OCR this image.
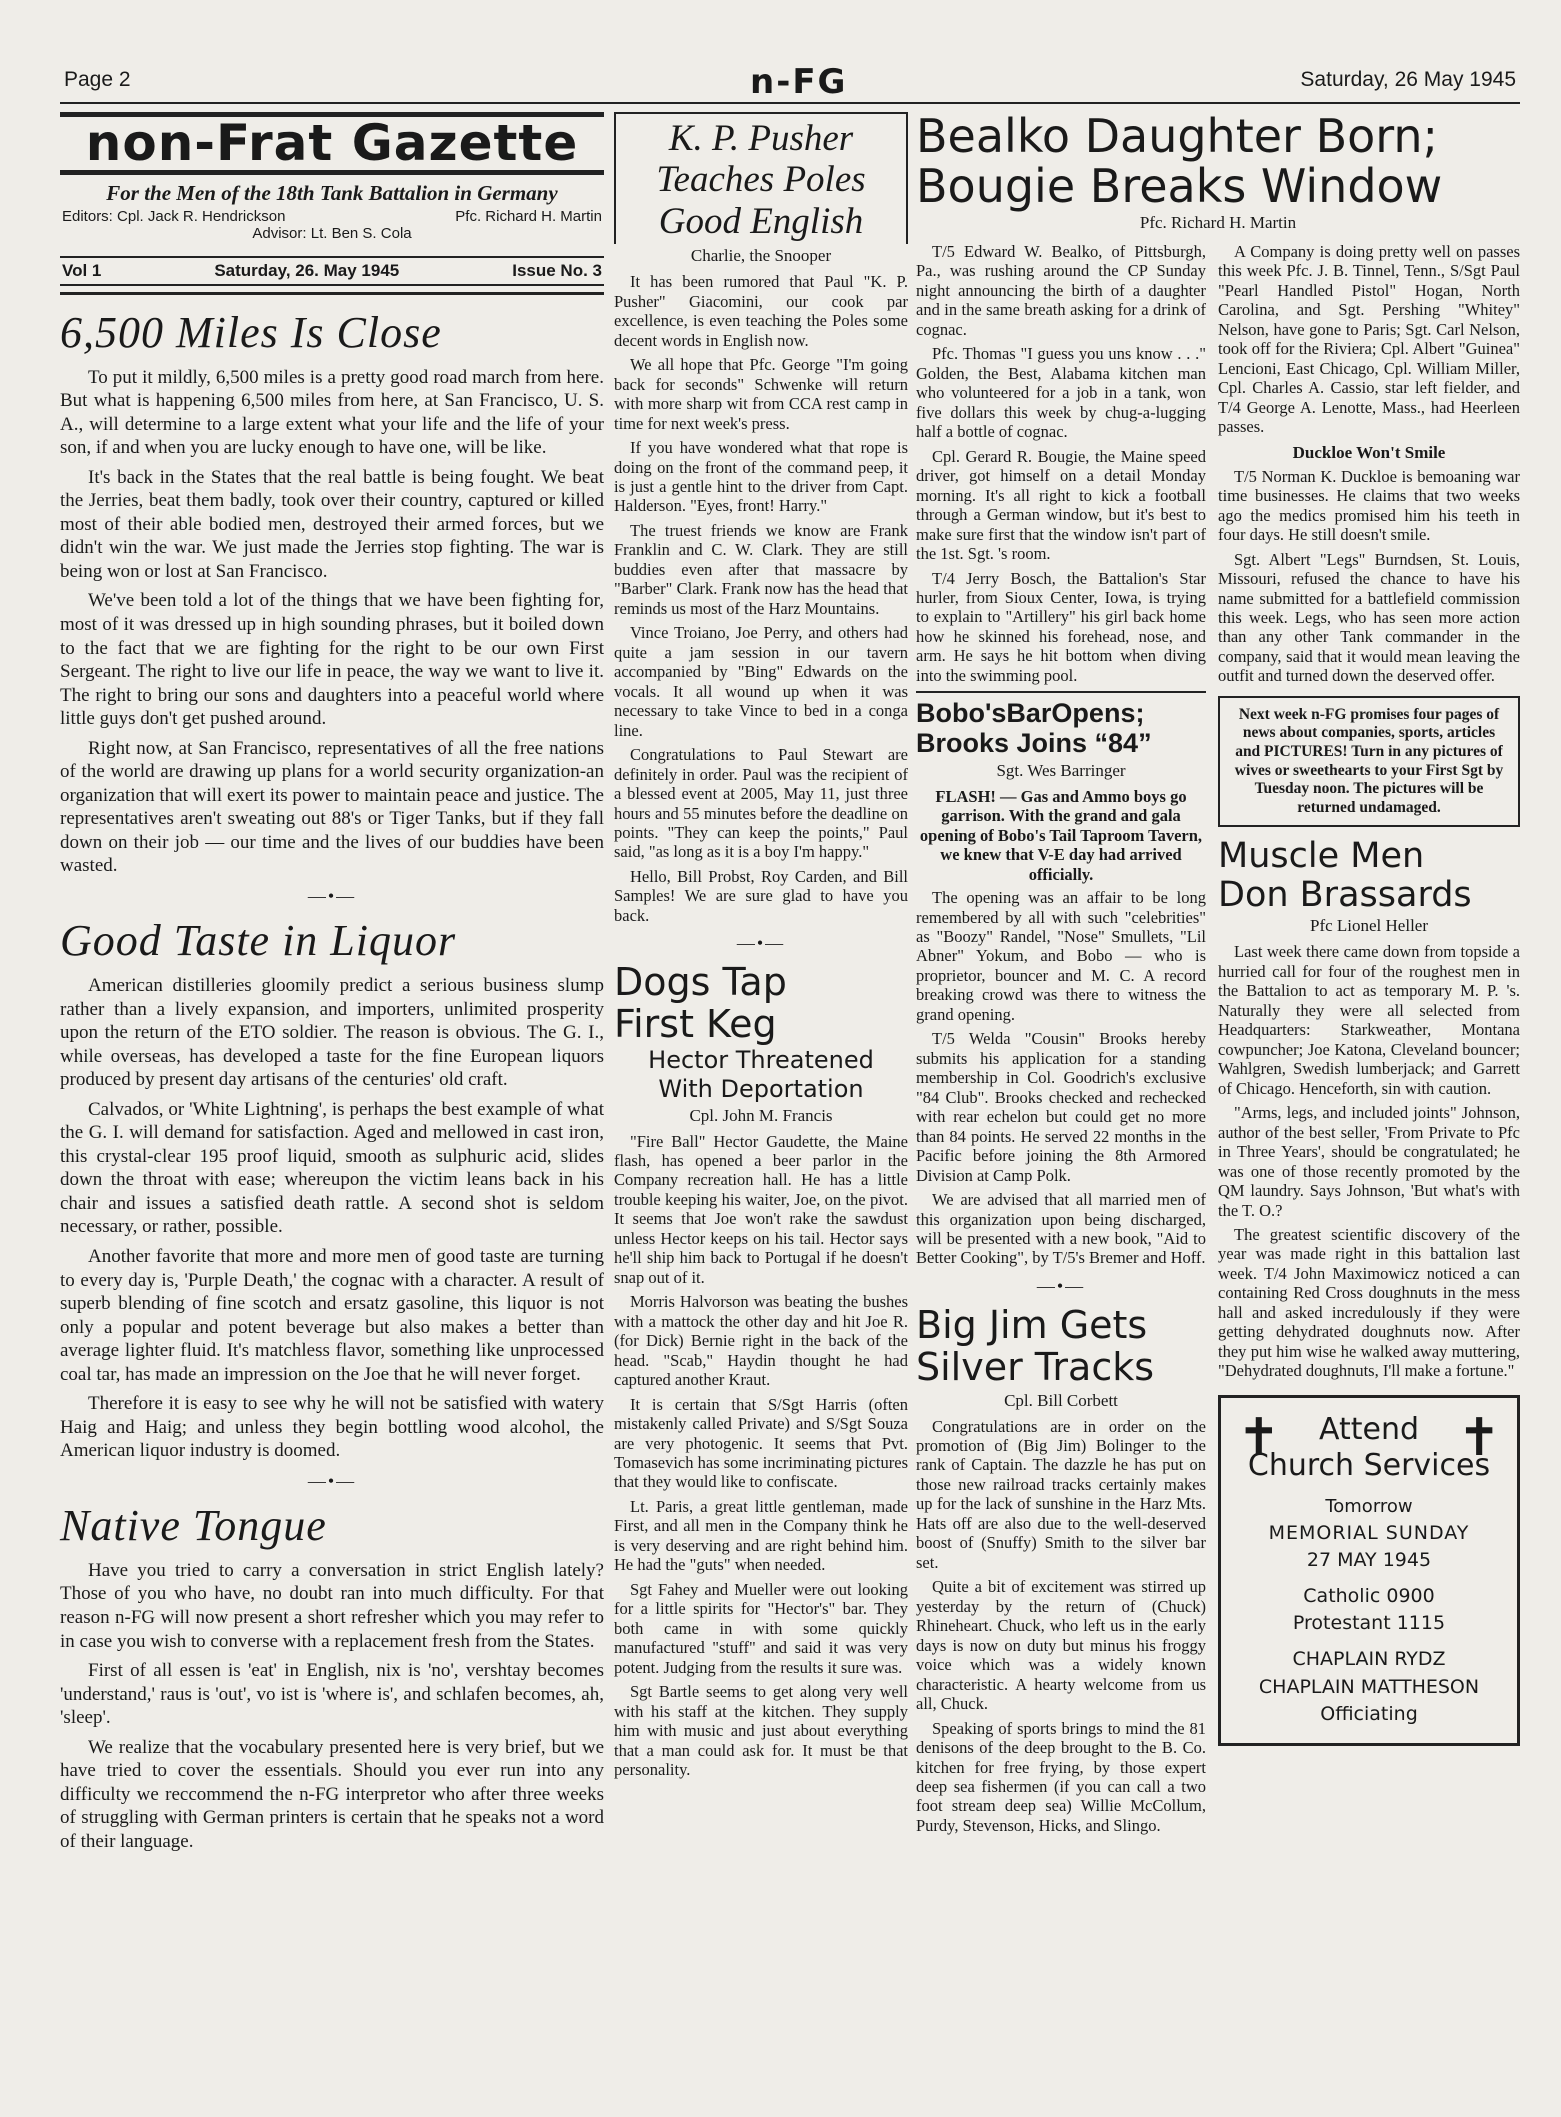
Page 2	n-FG	Saturday, 26 May 1945
non-Frat Gazette
For the Men of the 18th Tank Battalion in Germany
Editors: Cpl. Jack R. Hendrickson	Pfc. Richard H. Martin
Advisor: Lt. Ben S. Cola
Vol 1	Saturday, 26. May 1945	Issue No. 3
6,500 Miles Is Close

To put it mildly, 6,500 miles is a pretty good road march from here. But what is happening 6,500 miles from here, at San Francisco, U. S. A., will determine to a large extent what your life and the life of your son, if and when you are lucky enough to have one, will be like.

It's back in the States that the real battle is being fought. We beat the Jerries, beat them badly, took over their country, captured or killed most of their able bodied men, destroyed their armed forces, but we didn't win the war. We just made the Jerries stop fighting. The war is being won or lost at San Francisco.

We've been told a lot of the things that we have been fighting for, most of it was dressed up in high sounding phrases, but it boiled down to the fact that we are fighting for the right to be our own First Sergeant. The right to live our life in peace, the way we want to live it. The right to bring our sons and daughters into a peaceful world where little guys don't get pushed around.

Right now, at San Francisco, representatives of all the free nations of the world are drawing up plans for a world security organization-an organization that will exert its power to maintain peace and justice. The representatives aren't sweating out 88's or Tiger Tanks, but if they fall down on their job — our time and the lives of our buddies have been wasted.

—•—
Good Taste in Liquor

American distilleries gloomily predict a serious business slump rather than a lively expansion, and importers, unlimited prosperity upon the return of the ETO soldier. The reason is obvious. The G. I., while overseas, has developed a taste for the fine European liquors produced by present day artisans of the centuries' old craft.

Calvados, or 'White Lightning', is perhaps the best example of what the G. I. will demand for satisfaction. Aged and mellowed in cast iron, this crystal-clear 195 proof liquid, smooth as sulphuric acid, slides down the throat with ease; whereupon the victim leans back in his chair and issues a satisfied death rattle. A second shot is seldom necessary, or rather, possible.

Another favorite that more and more men of good taste are turning to every day is, 'Purple Death,' the cognac with a character. A result of superb blending of fine scotch and ersatz gasoline, this liquor is not only a popular and potent beverage but also makes a better than average lighter fluid. It's matchless flavor, something like unprocessed coal tar, has made an impression on the Joe that he will never forget.

Therefore it is easy to see why he will not be satisfied with watery Haig and Haig; and unless they begin bottling wood alcohol, the American liquor industry is doomed.

—•—
Native Tongue

Have you tried to carry a conversation in strict English lately? Those of you who have, no doubt ran into much difficulty. For that reason n-FG will now present a short refresher which you may refer to in case you wish to converse with a replacement fresh from the States.

First of all essen is 'eat' in English, nix is 'no', vershtay becomes 'understand,' raus is 'out', vo ist is 'where is', and schlafen becomes, ah, 'sleep'.

We realize that the vocabulary presented here is very brief, but we have tried to cover the essentials. Should you ever run into any difficulty we reccommend the n-FG interpretor who after three weeks of struggling with German printers is certain that he speaks not a word of their language.

K. P. Pusher
Teaches Poles
Good English
Charlie, the Snooper

It has been rumored that Paul "K. P. Pusher" Giacomini, our cook par excellence, is even teaching the Poles some decent words in English now.

We all hope that Pfc. George "I'm going back for seconds" Schwenke will return with more sharp wit from CCA rest camp in time for next week's press.

If you have wondered what that rope is doing on the front of the command peep, it is just a gentle hint to the driver from Capt. Halderson. "Eyes, front! Harry."

The truest friends we know are Frank Franklin and C. W. Clark. They are still buddies even after that massacre by "Barber" Clark. Frank now has the head that reminds us most of the Harz Mountains.

Vince Troiano, Joe Perry, and others had quite a jam session in our tavern accompanied by "Bing" Edwards on the vocals. It all wound up when it was necessary to take Vince to bed in a conga line.

Congratulations to Paul Stewart are definitely in order. Paul was the recipient of a blessed event at 2005, May 11, just three hours and 55 minutes before the deadline on points. "They can keep the points," Paul said, "as long as it is a boy I'm happy."

Hello, Bill Probst, Roy Carden, and Bill Samples! We are sure glad to have you back.

—•—
Dogs Tap
First Keg
Hector Threatened
With Deportation
Cpl. John M. Francis

"Fire Ball" Hector Gaudette, the Maine flash, has opened a beer parlor in the Company recreation hall. He has a little trouble keeping his waiter, Joe, on the pivot. It seems that Joe won't rake the sawdust unless Hector keeps on his tail. Hector says he'll ship him back to Portugal if he doesn't snap out of it.

Morris Halvorson was beating the bushes with a mattock the other day and hit Joe R. (for Dick) Bernie right in the back of the head. "Scab," Haydin thought he had captured another Kraut.

It is certain that S/Sgt Harris (often mistakenly called Private) and S/Sgt Souza are very photogenic. It seems that Pvt. Tomasevich has some incriminating pictures that they would like to confiscate.

Lt. Paris, a great little gentleman, made First, and all men in the Company think he is very deserving and are right behind him. He had the "guts" when needed.

Sgt Fahey and Mueller were out looking for a little spirits for "Hector's" bar. They both came in with some quickly manufactured "stuff" and said it was very potent. Judging from the results it sure was.

Sgt Bartle seems to get along very well with his staff at the kitchen. They supply him with music and just about everything that a man could ask for. It must be that personality.

Bealko Daughter Born;
Bougie Breaks Window
Pfc. Richard H. Martin

T/5 Edward W. Bealko, of Pittsburgh, Pa., was rushing around the CP Sunday night announcing the birth of a daughter and in the same breath asking for a drink of cognac.

Pfc. Thomas "I guess you uns know . . ." Golden, the Best, Alabama kitchen man who volunteered for a job in a tank, won five dollars this week by chug-a-lugging half a bottle of cognac.

Cpl. Gerard R. Bougie, the Maine speed driver, got himself on a detail Monday morning. It's all right to kick a football through a German window, but it's best to make sure first that the window isn't part of the 1st. Sgt. 's room.

T/4 Jerry Bosch, the Battalion's Star hurler, from Sioux Center, Iowa, is trying to explain to "Artillery" his girl back home how he skinned his forehead, nose, and arm. He says he hit bottom when diving into the swimming pool.

Bobo'sBarOpens;
Brooks Joins “84”
Sgt. Wes Barringer
FLASH! — Gas and Ammo boys go garrison. With the grand and gala opening of Bobo's Tail Taproom Tavern, we knew that V-E day had arrived officially.

The opening was an affair to be long remembered by all with such "celebrities" as "Boozy" Randel, "Nose" Smullets, "Lil Abner" Yokum, and Bobo — who is proprietor, bouncer and M. C. A record breaking crowd was there to witness the grand opening.

T/5 Welda "Cousin" Brooks hereby submits his application for a standing membership in Col. Goodrich's exclusive "84 Club". Brooks checked and rechecked with rear echelon but could get no more than 84 points. He served 22 months in the Pacific before joining the 8th Armored Division at Camp Polk.

We are advised that all married men of this organization upon being discharged, will be presented with a new book, "Aid to Better Cooking", by T/5's Bremer and Hoff.

—•—
Big Jim Gets
Silver Tracks
Cpl. Bill Corbett

Congratulations are in order on the promotion of (Big Jim) Bolinger to the rank of Captain. The dazzle he has put on those new railroad tracks certainly makes up for the lack of sunshine in the Harz Mts. Hats off are also due to the well-deserved boost of (Snuffy) Smith to the silver bar set.

Quite a bit of excitement was stirred up yesterday by the return of (Chuck) Rhineheart. Chuck, who left us in the early days is now on duty but minus his froggy voice which was a widely known characteristic. A hearty welcome from us all, Chuck.

Speaking of sports brings to mind the 81 denisons of the deep brought to the B. Co. kitchen for free frying, by those expert deep sea fishermen (if you can call a two foot stream deep sea) Willie McCollum, Purdy, Stevenson, Hicks, and Slingo.

A Company is doing pretty well on passes this week Pfc. J. B. Tinnel, Tenn., S/Sgt Paul "Pearl Handled Pistol" Hogan, North Carolina, and Sgt. Pershing "Whitey" Nelson, have gone to Paris; Sgt. Carl Nelson, took off for the Riviera; Cpl. Albert "Guinea" Lencioni, East Chicago, Cpl. William Miller, Cpl. Charles A. Cassio, star left fielder, and T/4 George A. Lenotte, Mass., had Heerleen passes.

Duckloe Won't Smile

T/5 Norman K. Duckloe is bemoaning war time businesses. He claims that two weeks ago the medics promised him his teeth in four days. He still doesn't smile.

Sgt. Albert "Legs" Burndsen, St. Louis, Missouri, refused the chance to have his name submitted for a battlefield commission this week. Legs, who has seen more action than any other Tank commander in the company, said that it would mean leaving the outfit and turned down the deserved offer.

Next week n-FG promises four pages of news about companies, sports, articles and PICTURES! Turn in any pictures of wives or sweethearts to your First Sgt by Tuesday noon. The pictures will be returned undamaged.
Muscle Men
Don Brassards
Pfc Lionel Heller

Last week there came down from topside a hurried call for four of the roughest men in the Battalion to act as temporary M. P. 's. Naturally they were all selected from Headquarters: Starkweather, Montana cowpuncher; Joe Katona, Cleveland bouncer; Wahlgren, Swedish lumberjack; and Garrett of Chicago. Henceforth, sin with caution.

"Arms, legs, and included joints" Johnson, author of the best seller, 'From Private to Pfc in Three Years', should be congratulated; he was one of those recently promoted by the QM laundry. Says Johnson, 'But what's with the T. O.?

The greatest scientific discovery of the year was made right in this battalion last week. T/4 John Maximowicz noticed a can containing Red Cross doughnuts in the mess hall and asked incredulously if they were getting dehydrated doughnuts now. After they put him wise he walked away muttering, "Dehydrated doughnuts, I'll make a fortune."

✝ Attend ✝
Church Services
Tomorrow
MEMORIAL SUNDAY
27 MAY 1945
Catholic 0900
Protestant 1115
CHAPLAIN RYDZ
CHAPLAIN MATTHESON
Officiating
